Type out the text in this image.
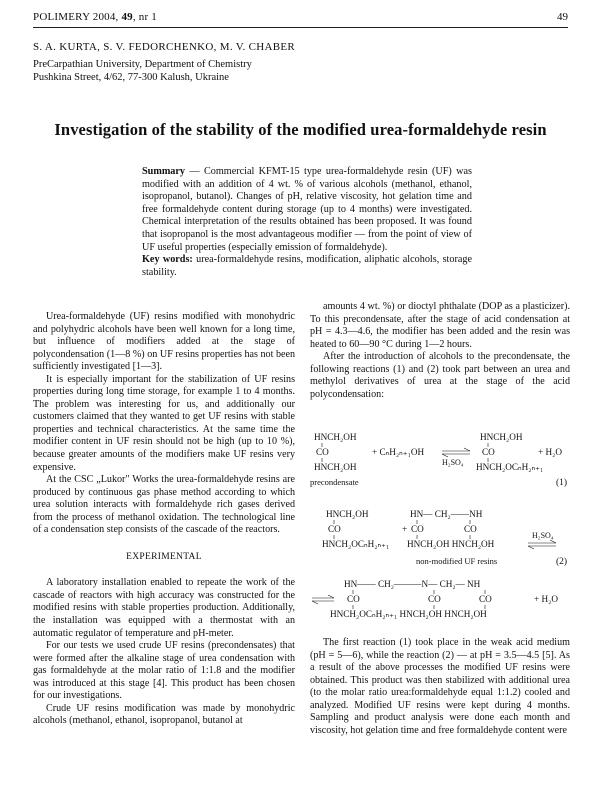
POLIMERY 2004, 49, nr 1	49
S. A. KURTA, S. V. FEDORCHENKO, M. V. CHABER
PreCarpathian University, Department of Chemistry
Pushkina Street, 4/62, 77-300 Kalush, Ukraine
Investigation of the stability of the modified urea-formaldehyde resin
Summary — Commercial KFMT-15 type urea-formaldehyde resin (UF) was modified with an addition of 4 wt. % of various alcohols (methanol, ethanol, isopropanol, butanol). Changes of pH, relative viscosity, hot gelation time and free formaldehyde content during storage (up to 4 months) were investigated. Chemical interpretation of the results obtained has been proposed. It was found that isopropanol is the most advantageous modifier — from the point of view of UF useful properties (especially emission of formaldehyde).
Key words: urea-formaldehyde resins, modification, aliphatic alcohols, storage stability.

Urea-formaldehyde (UF) resins modified with monohydric and polyhydric alcohols have been well known for a long time, but influence of modifiers added at the stage of polycondensation (1—8 %) on UF resins properties has not been sufficiently investigated [1—3].

It is especially important for the stabilization of UF resins properties during long time storage, for example 1 to 4 months. The problem was interesting for us, and additionally our customers claimed that they wanted to get UF resins with stable properties and technical characteristics. At the same time the modifier content in UF resin should not be high (up to 10 %), because greater amounts of the modifiers make UF resins very expensive.

At the CSC „Lukor" Works the urea-formaldehyde resins are produced by continuous gas phase method according to which urea solution interacts with formaldehyde rich gases derived from the process of methanol oxidation. The technological line of a condensation step consists of the cascade of the reactors.

EXPERIMENTAL

A laboratory installation enabled to repeate the work of the cascade of reactors with high accuracy was constructed for the modified resins with stable properties production. Additionally, the installation was equipped with a thermostat with an automatic regulator of temperature and pH-meter.

For our tests we used crude UF resins (precondensates) that were formed after the alkaline stage of urea condensation with gas formaldehyde at the molar ratio of 1:1.8 and the modifier was introduced at this stage [4]. This product has been chosen for our investigations.

Crude UF resins modification was made by monohydric alcohols (methanol, ethanol, isopropanol, butanol at

amounts 4 wt. %) or dioctyl phthalate (DOP as a plasticizer). To this precondensate, after the stage of acid condensation at pH = 4.3—4.6, the modifier has been added and the resin was heated to 60—90 °C during 1—2 hours.

After the introduction of alcohols to the precondensate, the following reactions (1) and (2) took part between an urea and methylol derivatives of urea at the stage of the acid polycondensation:

HNCH₂OH
CO
HNCH₂OH
+ CₙH₂ₙ₊₁OH
H₂SO₄
HNCH₂OH
CO
HNCH₂OCₙH₂ₙ₊₁
+ H₂O
precondensate	(1)
HNCH₂OH
CO
HNCH₂OCₙH₂ₙ₊₁
+
HN— CH₂——NH
CO	CO
HNCH₂OH HNCH₂OH
H₂SO₄
non-modified UF resins	(2)
HN—— CH₂———N— CH₂— NH
CO	CO	CO
HNCH₂OCₙH₂ₙ₊₁ HNCH₂OH HNCH₂OH
+ H₂O

The first reaction (1) took place in the weak acid medium (pH = 5—6), while the reaction (2) — at pH = 3.5—4.5 [5]. As a result of the above processes the modified UF resins were obtained. This product was then stabilized with additional urea (to the molar ratio urea:formaldehyde equal 1:1.2) cooled and analyzed. Modified UF resins were kept during 4 months. Sampling and product analysis were done each month and viscosity, hot gelation time and free formaldehyde content were
